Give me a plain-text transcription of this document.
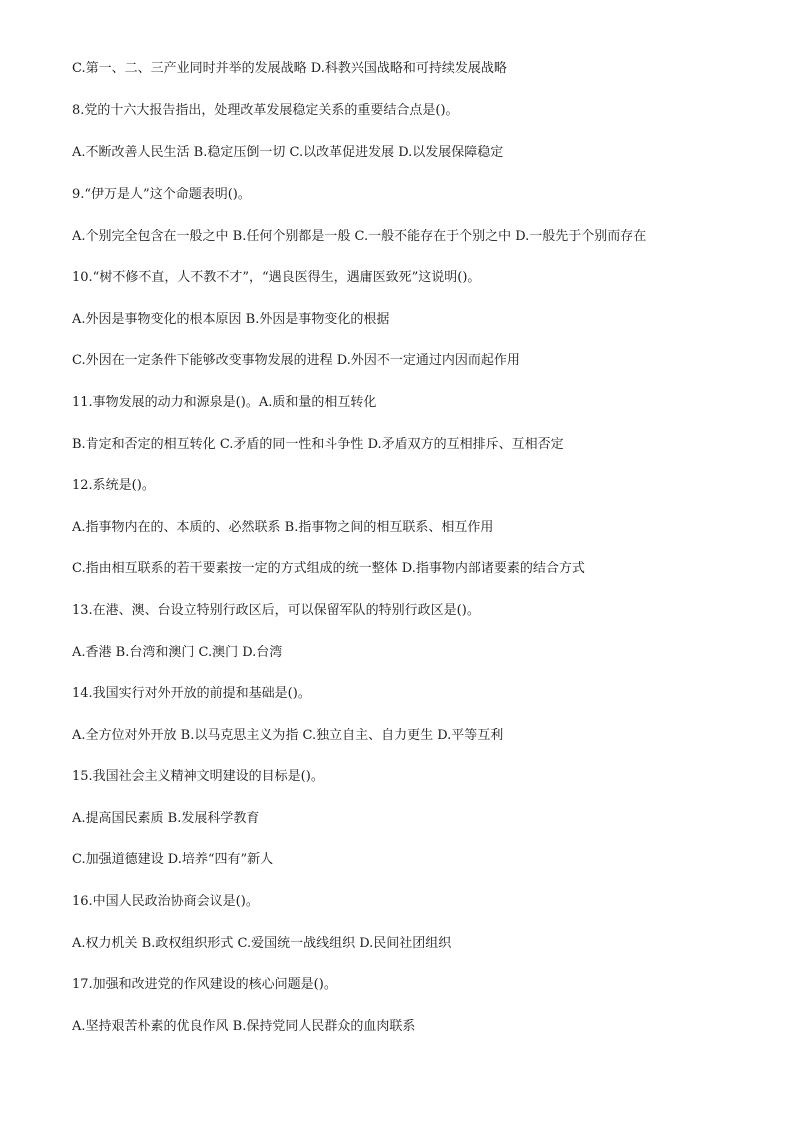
C.第一、二、三产业同时并举的发展战略 D.科教兴国战略和可持续发展战略
8.党的十六大报告指出，处理改革发展稳定关系的重要结合点是()。
A.不断改善人民生活 B.稳定压倒一切 C.以改革促进发展 D.以发展保障稳定
9.“伊万是人”这个命题表明()。
A.个别完全包含在一般之中 B.任何个别都是一般 C.一般不能存在于个别之中 D.一般先于个别而存在
10.“树不修不直，人不教不才”，“遇良医得生，遇庸医致死”这说明()。
A.外因是事物变化的根本原因 B.外因是事物变化的根据
C.外因在一定条件下能够改变事物发展的进程 D.外因不一定通过内因而起作用
11.事物发展的动力和源泉是()。A.质和量的相互转化
B.肯定和否定的相互转化 C.矛盾的同一性和斗争性 D.矛盾双方的互相排斥、互相否定
12.系统是()。
A.指事物内在的、本质的、必然联系 B.指事物之间的相互联系、相互作用
C.指由相互联系的若干要素按一定的方式组成的统一整体 D.指事物内部诸要素的结合方式
13.在港、澳、台设立特别行政区后，可以保留军队的特别行政区是()。
A.香港 B.台湾和澳门 C.澳门 D.台湾
14.我国实行对外开放的前提和基础是()。
A.全方位对外开放 B.以马克思主义为指 C.独立自主、自力更生 D.平等互利
15.我国社会主义精神文明建设的目标是()。
A.提高国民素质 B.发展科学教育
C.加强道德建设 D.培养“四有”新人
16.中国人民政治协商会议是()。
A.权力机关 B.政权组织形式 C.爱国统一战线组织 D.民间社团组织
17.加强和改进党的作风建设的核心问题是()。
A.坚持艰苦朴素的优良作风 B.保持党同人民群众的血肉联系
